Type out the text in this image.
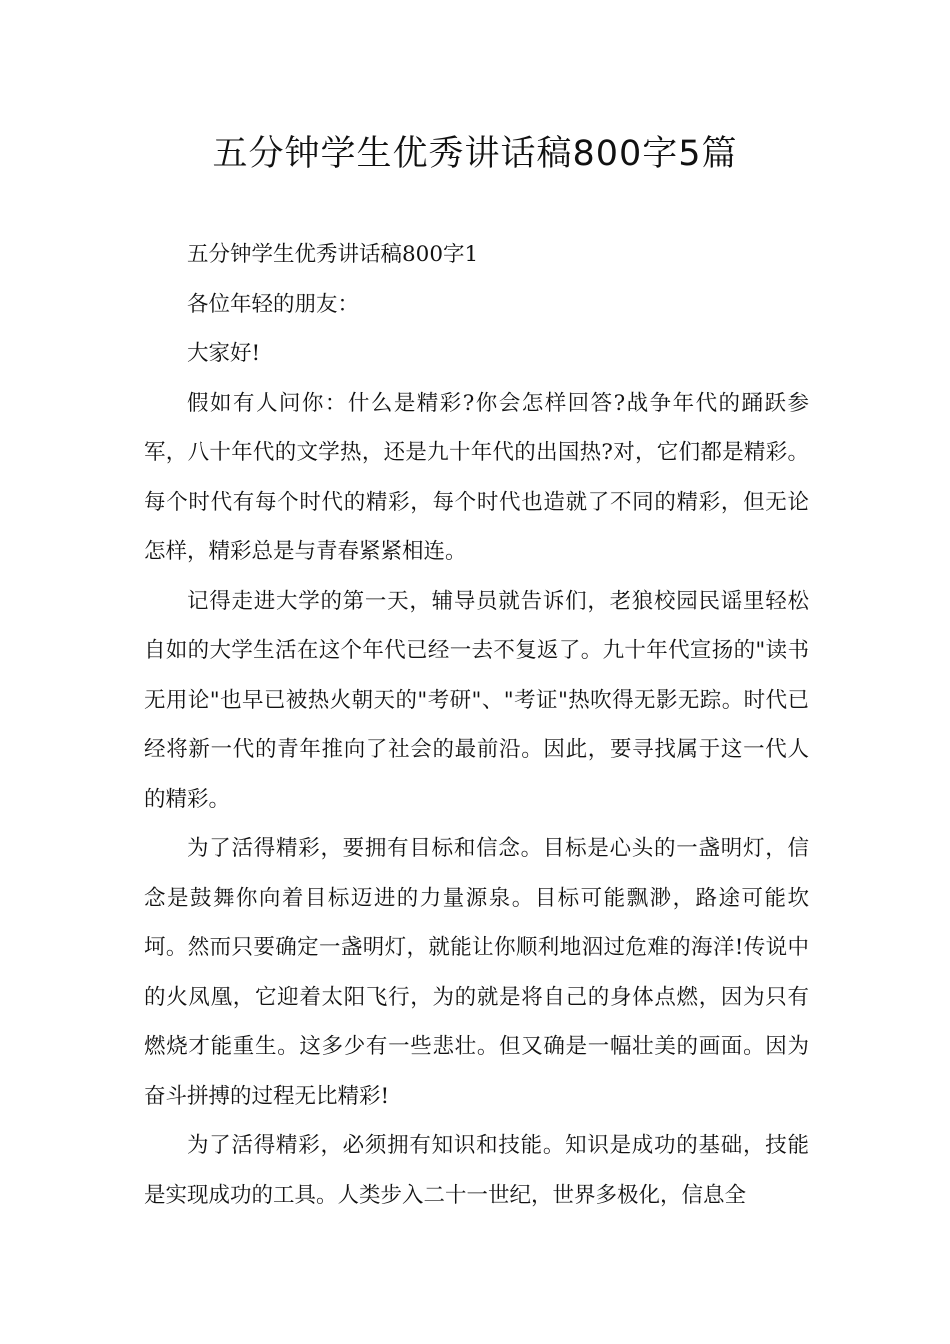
五分钟学生优秀讲话稿800字5篇

五分钟学生优秀讲话稿800字1

各位年轻的朋友：

大家好!

假如有人问你：什么是精彩?你会怎样回答?战争年代的踊跃参军，八十年代的文学热，还是九十年代的出国热?对，它们都是精彩。每个时代有每个时代的精彩，每个时代也造就了不同的精彩，但无论怎样，精彩总是与青春紧紧相连。

记得走进大学的第一天，辅导员就告诉们，老狼校园民谣里轻松自如的大学生活在这个年代已经一去不复返了。九十年代宣扬的"读书无用论"也早已被热火朝天的"考研"、"考证"热吹得无影无踪。时代已经将新一代的青年推向了社会的最前沿。因此，要寻找属于这一代人的精彩。

为了活得精彩，要拥有目标和信念。目标是心头的一盏明灯，信念是鼓舞你向着目标迈进的力量源泉。目标可能飘渺，路途可能坎坷。然而只要确定一盏明灯，就能让你顺利地泅过危难的海洋!传说中的火凤凰，它迎着太阳飞行，为的就是将自己的身体点燃，因为只有燃烧才能重生。这多少有一些悲壮。但又确是一幅壮美的画面。因为奋斗拼搏的过程无比精彩!

为了活得精彩，必须拥有知识和技能。知识是成功的基础，技能是实现成功的工具。人类步入二十一世纪，世界多极化，信息全
